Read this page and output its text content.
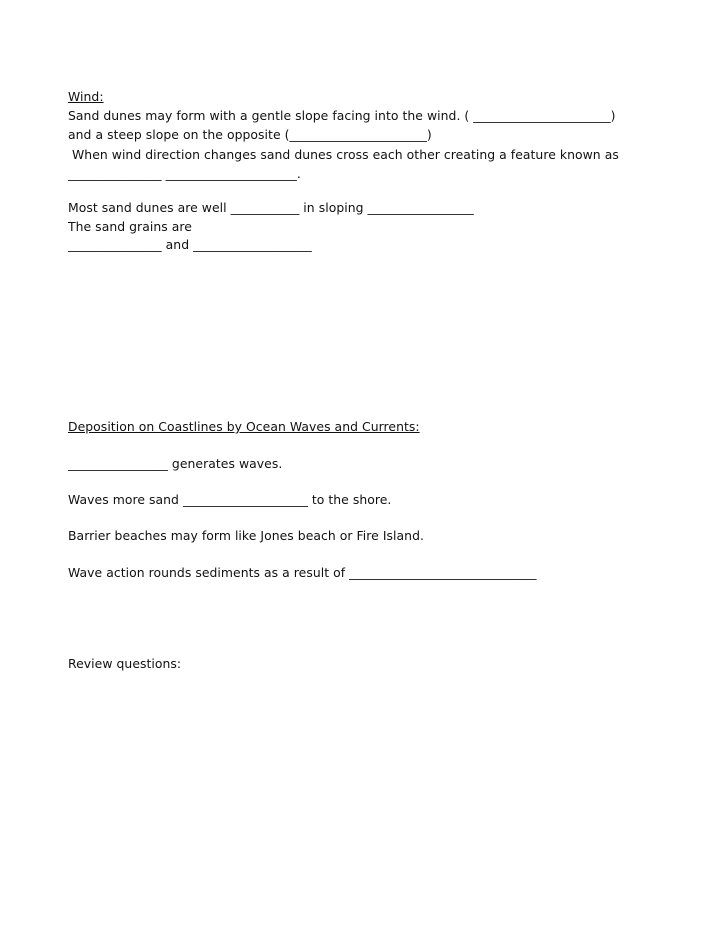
Wind:
Sand dunes may form with a gentle slope facing into the wind. ( ______________________)
and a steep slope on the opposite (______________________)
When wind direction changes sand dunes cross each other creating a feature known as
_______________ _____________________.
Most sand dunes are well ___________ in sloping _________________
The sand grains are
_______________ and ___________________
Deposition on Coastlines by Ocean Waves and Currents:
________________ generates waves.
Waves more sand ____________________ to the shore.
Barrier beaches may form like Jones beach or Fire Island.
Wave action rounds sediments as a result of ______________________________
Review questions:
